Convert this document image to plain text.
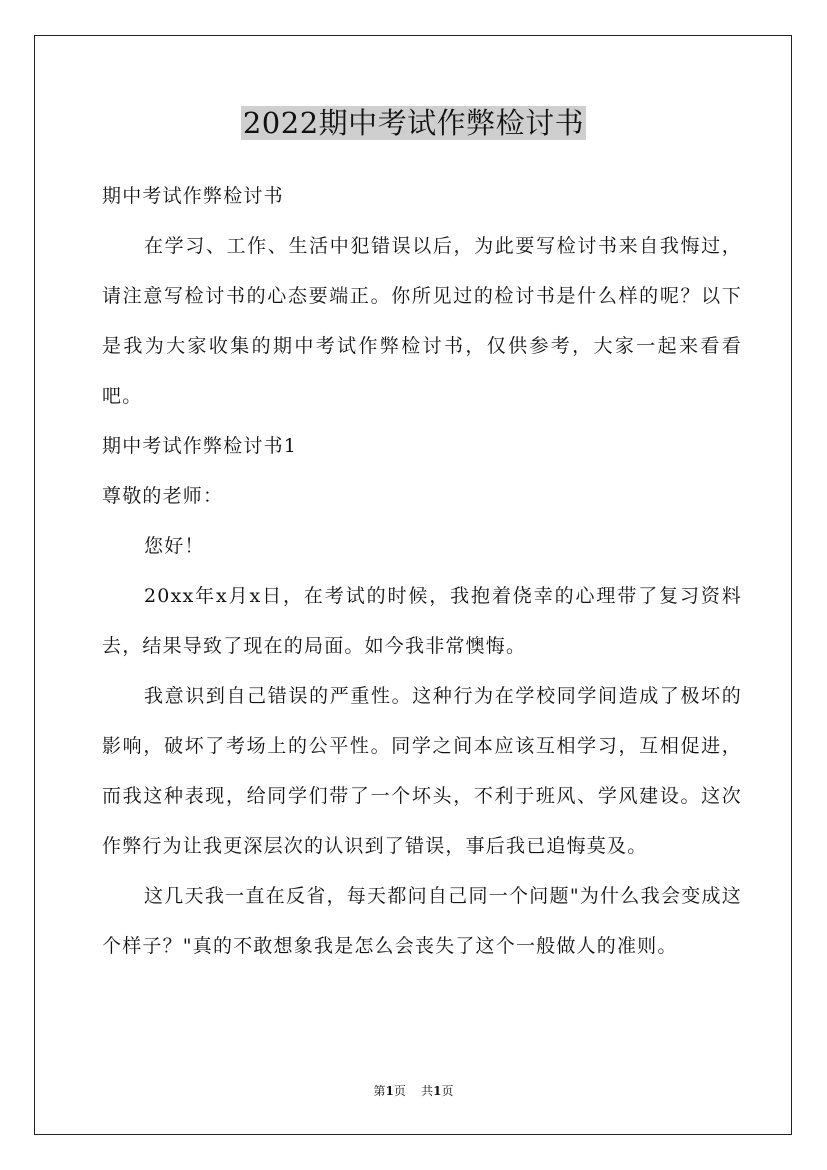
2022期中考试作弊检讨书

期中考试作弊检讨书

在学习、工作、生活中犯错误以后，为此要写检讨书来自我悔过，请注意写检讨书的心态要端正。你所见过的检讨书是什么样的呢？以下是我为大家收集的期中考试作弊检讨书，仅供参考，大家一起来看看吧。

期中考试作弊检讨书1

尊敬的老师：

您好！

20xx年x月x日，在考试的时候，我抱着侥幸的心理带了复习资料去，结果导致了现在的局面。如今我非常懊悔。

我意识到自己错误的严重性。这种行为在学校同学间造成了极坏的影响，破坏了考场上的公平性。同学之间本应该互相学习，互相促进，而我这种表现，给同学们带了一个坏头，不利于班风、学风建设。这次作弊行为让我更深层次的认识到了错误，事后我已追悔莫及。

这几天我一直在反省，每天都问自己同一个问题"为什么我会变成这个样子？"真的不敢想象我是怎么会丧失了这个一般做人的准则。

第1页 共1页
